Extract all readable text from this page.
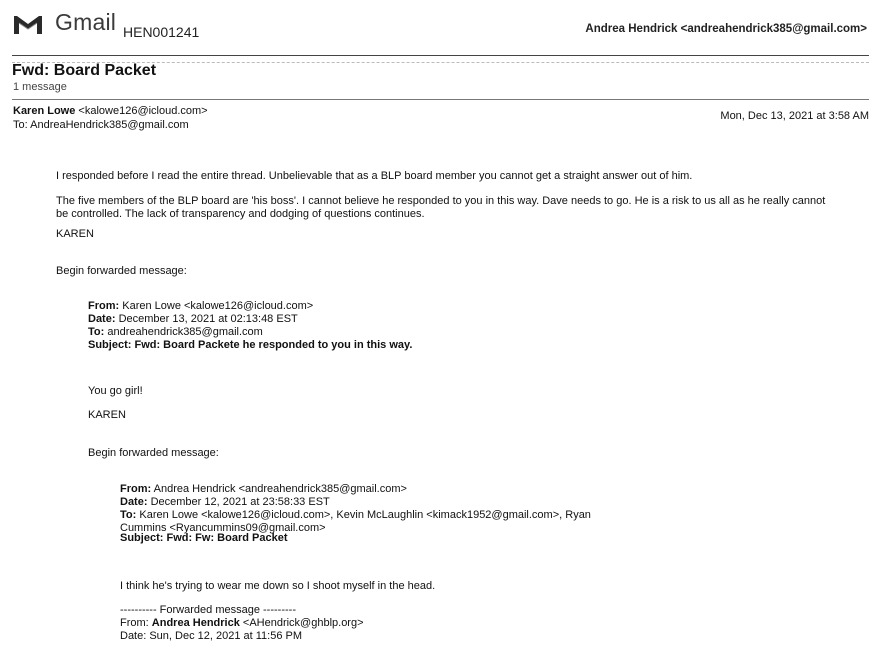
Gmail HEN001241	Andrea Hendrick <andreahendrick385@gmail.com>
Fwd: Board Packet
1 message
Karen Lowe <kalowe126@icloud.com>
To: AndreaHendrick385@gmail.com
Mon, Dec 13, 2021 at 3:58 AM
I responded before I read the entire thread. Unbelievable that as a BLP board member you cannot get a straight answer out of him.
The five members of the BLP board are 'his boss'. I cannot believe he responded to you in this way. Dave needs to go. He is a risk to us all as he really cannot be controlled. The lack of transparency and dodging of questions continues.
KAREN
Begin forwarded message:
From: Karen Lowe <kalowe126@icloud.com>
Date: December 13, 2021 at 02:13:48 EST
To: andreahendrick385@gmail.com
Subject: Fwd: Board Packete he responded to you in this way.
You go girl!
KAREN
Begin forwarded message:
From: Andrea Hendrick <andreahendrick385@gmail.com>
Date: December 12, 2021 at 23:58:33 EST
To: Karen Lowe <kalowe126@icloud.com>, Kevin McLaughlin <kimack1952@gmail.com>, Ryan Cummins <Ryancummins09@gmail.com>
Subject: Fwd: Fw: Board Packet
I think he's trying to wear me down so I shoot myself in the head.
---------- Forwarded message ---------
From: Andrea Hendrick <AHendrick@ghblp.org>
Date: Sun, Dec 12, 2021 at 11:56 PM
